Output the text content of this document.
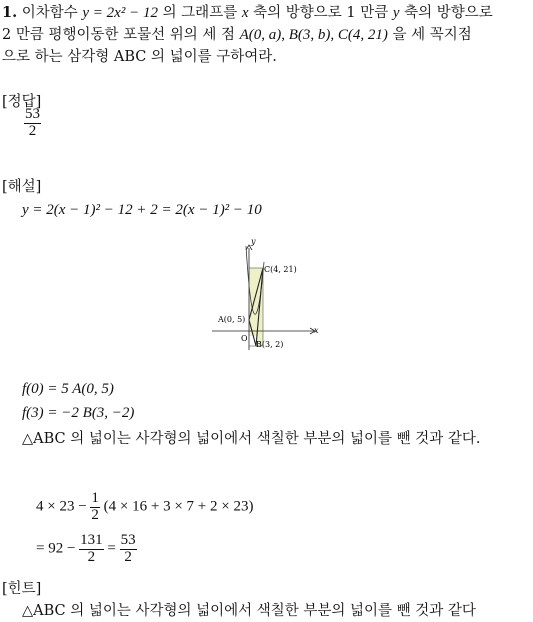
1. 이차함수 y = 2x² − 12 의 그래프를 x 축의 방향으로 1 만큼 y 축의 방향으로
2 만큼 평행이동한 포물선 위의 세 점 A(0, a), B(3, b), C(4, 21) 을 세 꼭지점
으로 하는 삼각형 ABC 의 넓이를 구하여라.
[정답]
$\frac{53}{2}$
[해설]
y = 2(x − 1)² − 12 + 2 = 2(x − 1)² − 10
y
x
O
A(0, 5)
B(3, 2)
C(4, 21)
f(0) = 5 A(0, 5)
f(3) = −2 B(3, −2)
△ABC 의 넓이는 사각형의 넓이에서 색칠한 부분의 넓이를 뺀 것과 같다.
$4 \times 23 - \frac{1}{2} (4 \times 16 + 3 \times 7 + 2 \times 23)$
= $92 - \frac{131}{2} = \frac{53}{2}$
[힌트]
△ABC 의 넓이는 사각형의 넓이에서 색칠한 부분의 넓이를 뺀 것과 같다
